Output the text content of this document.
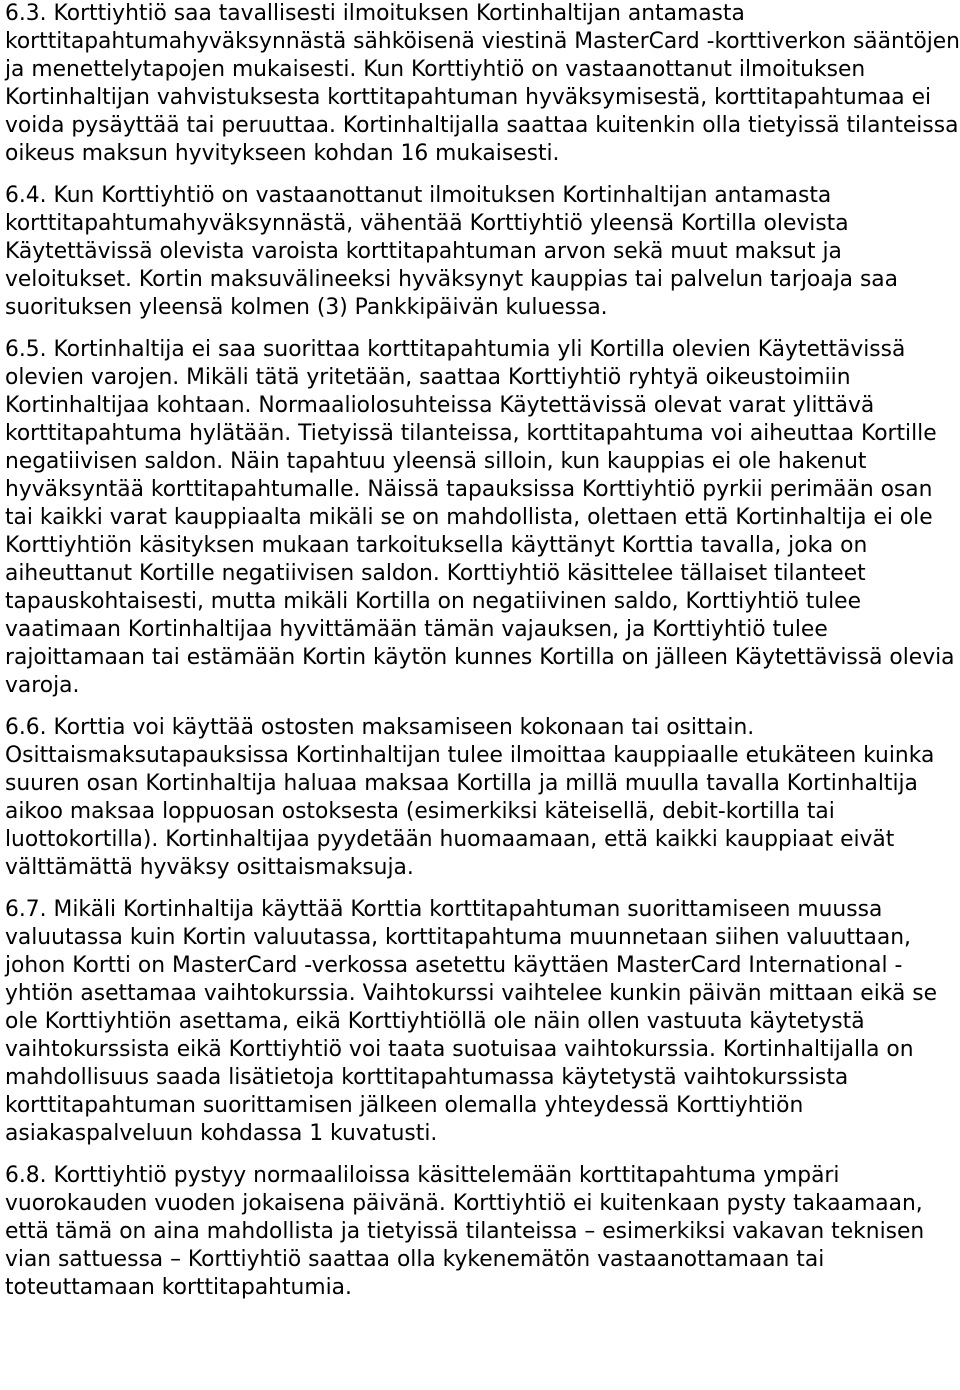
6.3. Korttiyhtiö saa tavallisesti ilmoituksen Kortinhaltijan antamasta korttitapahtumahyväksynnästä sähköisenä viestinä MasterCard -korttiverkon sääntöjen ja menettelytapojen mukaisesti. Kun Korttiyhtiö on vastaanottanut ilmoituksen Kortinhaltijan vahvistuksesta korttitapahtuman hyväksymisestä, korttitapahtumaa ei voida pysäyttää tai peruuttaa. Kortinhaltijalla saattaa kuitenkin olla tietyissä tilanteissa oikeus maksun hyvitykseen kohdan 16 mukaisesti.

6.4. Kun Korttiyhtiö on vastaanottanut ilmoituksen Kortinhaltijan antamasta korttitapahtumahyväksynnästä, vähentää Korttiyhtiö yleensä Kortilla olevista Käytettävissä olevista varoista korttitapahtuman arvon sekä muut maksut ja veloitukset. Kortin maksuvälineeksi hyväksynyt kauppias tai palvelun tarjoaja saa suorituksen yleensä kolmen (3) Pankkipäivän kuluessa.

6.5. Kortinhaltija ei saa suorittaa korttitapahtumia yli Kortilla olevien Käytettävissä olevien varojen. Mikäli tätä yritetään, saattaa Korttiyhtiö ryhtyä oikeustoimiin Kortinhaltijaa kohtaan. Normaaliolosuhteissa Käytettävissä olevat varat ylittävä korttitapahtuma hylätään. Tietyissä tilanteissa, korttitapahtuma voi aiheuttaa Kortille negatiivisen saldon. Näin tapahtuu yleensä silloin, kun kauppias ei ole hakenut hyväksyntää korttitapahtumalle. Näissä tapauksissa Korttiyhtiö pyrkii perimään osan tai kaikki varat kauppiaalta mikäli se on mahdollista, olettaen että Kortinhaltija ei ole Korttiyhtiön käsityksen mukaan tarkoituksella käyttänyt Korttia tavalla, joka on aiheuttanut Kortille negatiivisen saldon. Korttiyhtiö käsittelee tällaiset tilanteet tapauskohtaisesti, mutta mikäli Kortilla on negatiivinen saldo, Korttiyhtiö tulee vaatimaan Kortinhaltijaa hyvittämään tämän vajauksen, ja Korttiyhtiö tulee rajoittamaan tai estämään Kortin käytön kunnes Kortilla on jälleen Käytettävissä olevia varoja.

6.6. Korttia voi käyttää ostosten maksamiseen kokonaan tai osittain. Osittaismaksutapauksissa Kortinhaltijan tulee ilmoittaa kauppiaalle etukäteen kuinka suuren osan Kortinhaltija haluaa maksaa Kortilla ja millä muulla tavalla Kortinhaltija aikoo maksaa loppuosan ostoksesta (esimerkiksi käteisellä, debit-kortilla tai luottokortilla). Kortinhaltijaa pyydetään huomaamaan, että kaikki kauppiaat eivät välttämättä hyväksy osittaismaksuja.

6.7. Mikäli Kortinhaltija käyttää Korttia korttitapahtuman suorittamiseen muussa valuutassa kuin Kortin valuutassa, korttitapahtuma muunnetaan siihen valuuttaan, johon Kortti on MasterCard -verkossa asetettu käyttäen MasterCard International -yhtiön asettamaa vaihtokurssia. Vaihtokurssi vaihtelee kunkin päivän mittaan eikä se ole Korttiyhtiön asettama, eikä Korttiyhtiöllä ole näin ollen vastuuta käytetystä vaihtokurssista eikä Korttiyhtiö voi taata suotuisaa vaihtokurssia. Kortinhaltijalla on mahdollisuus saada lisätietoja korttitapahtumassa käytetystä vaihtokurssista korttitapahtuman suorittamisen jälkeen olemalla yhteydessä Korttiyhtiön asiakaspalveluun kohdassa 1 kuvatusti.

6.8. Korttiyhtiö pystyy normaaliloissa käsittelemään korttitapahtuma ympäri vuorokauden vuoden jokaisena päivänä. Korttiyhtiö ei kuitenkaan pysty takaamaan, että tämä on aina mahdollista ja tietyissä tilanteissa – esimerkiksi vakavan teknisen vian sattuessa – Korttiyhtiö saattaa olla kykenemätön vastaanottamaan tai toteuttamaan korttitapahtumia.
